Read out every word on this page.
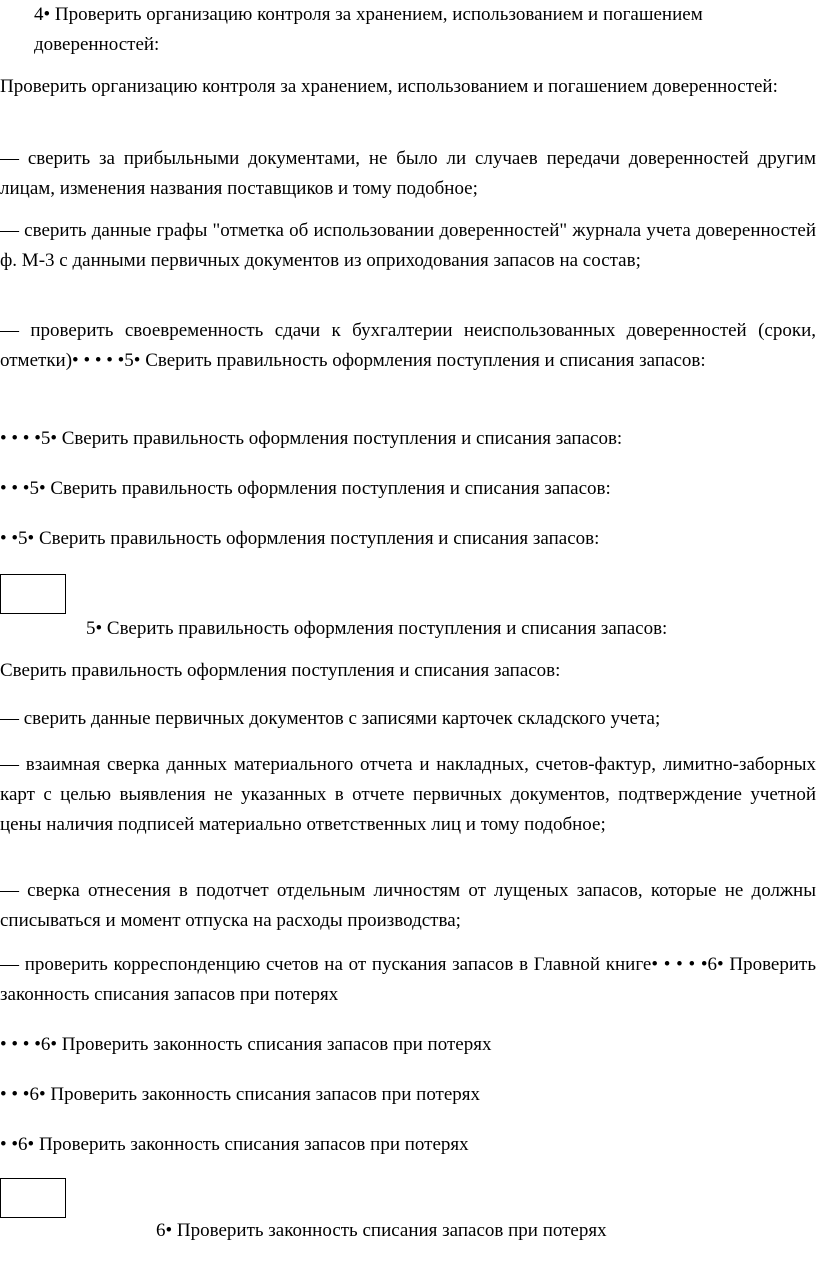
4• Проверить организацию контроля за хранением, использованием и погашением доверенностей:

Проверить организацию контроля за хранением, использованием и погашением доверенностей:

— сверить за прибыльными документами, не было ли случаев передачи доверенностей другим лицам, изменения названия поставщиков и тому подобное;

— сверить данные графы "отметка об использовании доверенностей" журнала учета доверенностей ф. М-3 с данными первичных документов из оприходования запасов на состав;

— проверить своевременность сдачи к бухгалтерии неиспользованных доверенностей (сроки, отметки)• • • • •5• Сверить правильность оформления поступления и списания запасов:

• • • •5• Сверить правильность оформления поступления и списания запасов:

• • •5• Сверить правильность оформления поступления и списания запасов:

• •5• Сверить правильность оформления поступления и списания запасов:

5• Сверить правильность оформления поступления и списания запасов:

Сверить правильность оформления поступления и списания запасов:

— сверить данные первичных документов с записями карточек складского учета;

— взаимная сверка данных материального отчета и накладных, счетов-фактур, лимитно-заборных карт с целью выявления не указанных в отчете первичных документов, подтверждение учетной цены наличия подписей материально ответственных лиц и тому подобное;

— сверка отнесения в подотчет отдельным личностям от лущеных запасов, которые не должны списываться и момент отпуска на расходы производства;

— проверить корреспонденцию счетов на от пускания запасов в Главной книге• • • • •6• Проверить законность списания запасов при потерях

• • • •6• Проверить законность списания запасов при потерях

• • •6• Проверить законность списания запасов при потерях

• •6• Проверить законность списания запасов при потерях

6• Проверить законность списания запасов при потерях
